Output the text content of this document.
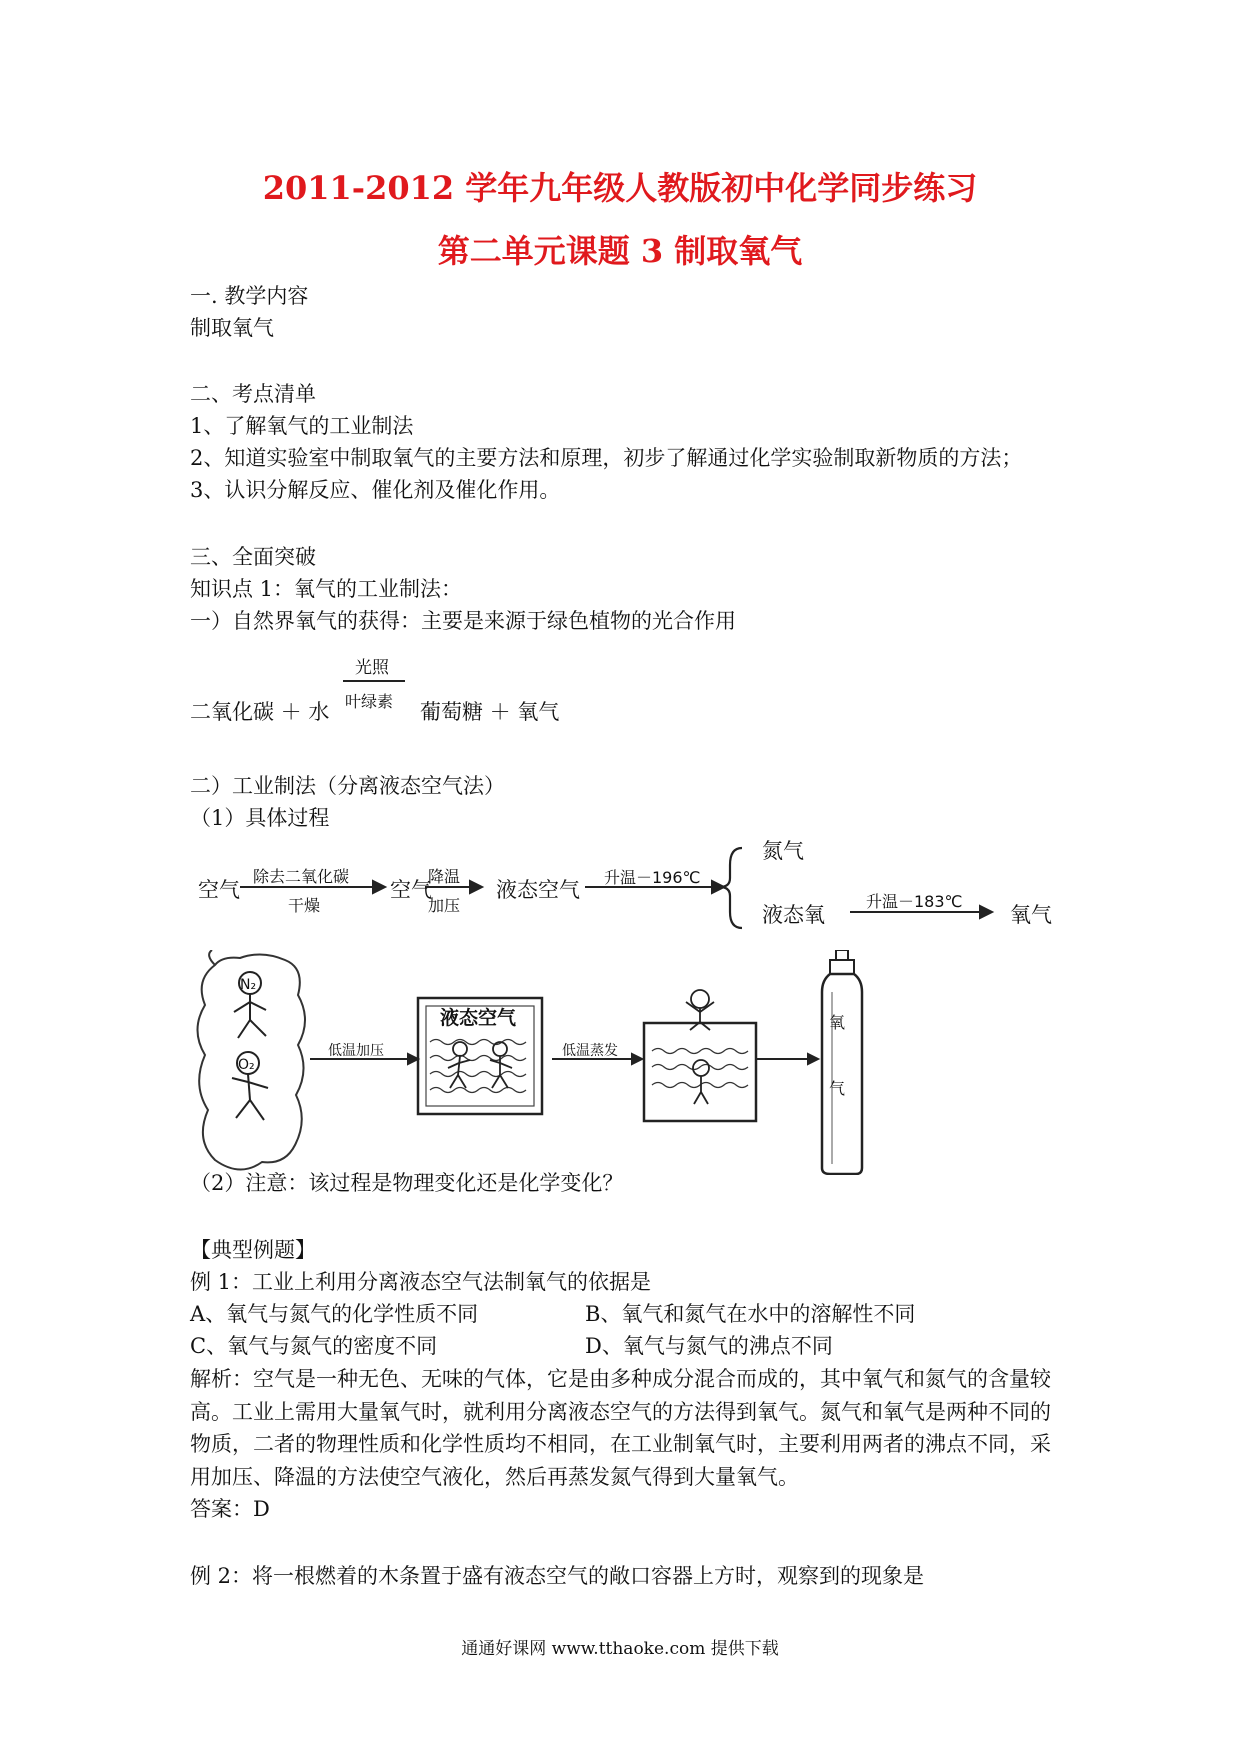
2011-2012 学年九年级人教版初中化学同步练习
第二单元课题 3 制取氧气
一. 教学内容
制取氧气
二、考点清单
1、了解氧气的工业制法
2、知道实验室中制取氧气的主要方法和原理，初步了解通过化学实验制取新物质的方法；
3、认识分解反应、催化剂及催化作用。
三、全面突破
知识点 1：氧气的工业制法：
一）自然界氧气的获得：主要是来源于绿色植物的光合作用
光照
叶绿素
二氧化碳 ＋ 水	葡萄糖 ＋ 氧气
二）工业制法（分离液态空气法）
（1）具体过程
空气
除去二氧化碳
干燥
空气
降温
加压
液态空气
升温－196℃
氮气
液态氧
升温－183℃
氧气
N₂
O₂
低温加压
液态空气
低温蒸发
氧
气
（2）注意：该过程是物理变化还是化学变化？
【典型例题】
例 1：工业上利用分离液态空气法制氧气的依据是
A、氧气与氮气的化学性质不同	B、氧气和氮气在水中的溶解性不同
C、氧气与氮气的密度不同	D、氧气与氮气的沸点不同
解析：空气是一种无色、无味的气体，它是由多种成分混合而成的，其中氧气和氮气的含量较高。工业上需用大量氧气时，就利用分离液态空气的方法得到氧气。氮气和氧气是两种不同的物质，二者的物理性质和化学性质均不相同，在工业制氧气时，主要利用两者的沸点不同，采用加压、降温的方法使空气液化，然后再蒸发氮气得到大量氧气。
答案：D
例 2：将一根燃着的木条置于盛有液态空气的敞口容器上方时，观察到的现象是
通通好课网 www.tthaoke.com 提供下载
